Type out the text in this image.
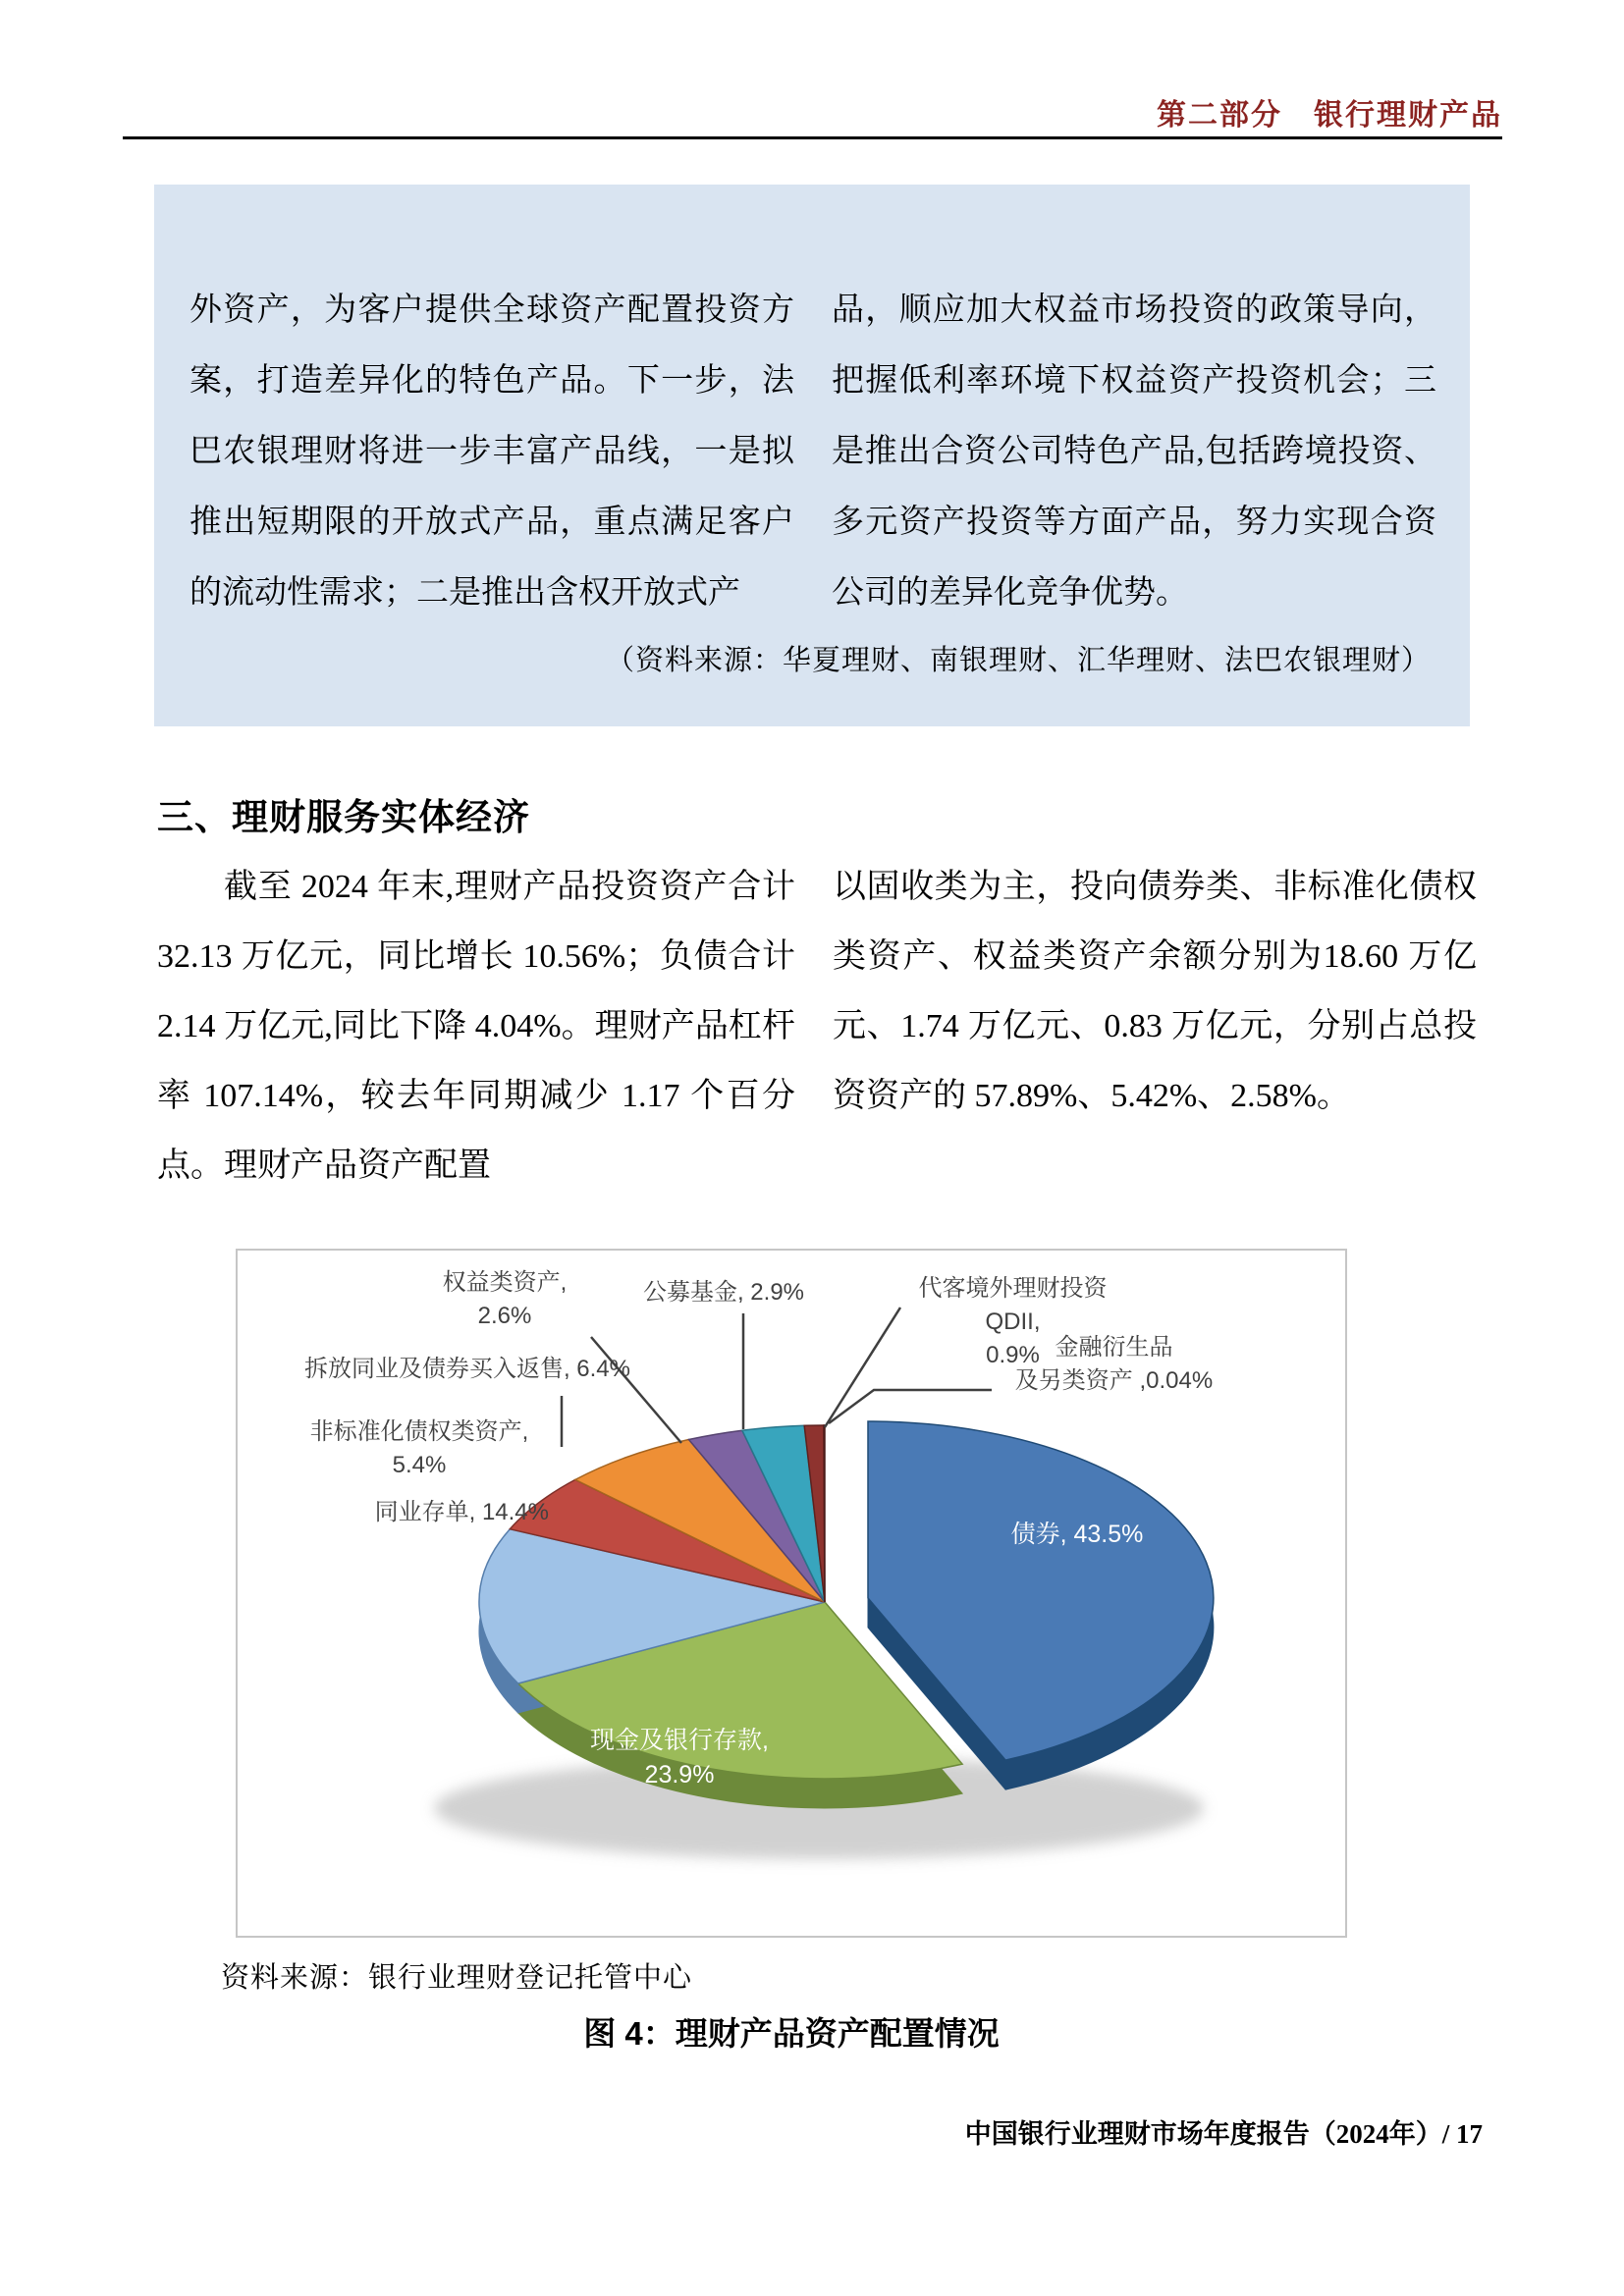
第二部分　银行理财产品
外资产，为客户提供全球资产配置投资方案，打造差异化的特色产品。下一步，法巴农银理财将进一步丰富产品线，一是拟推出短期限的开放式产品，重点满足客户的流动性需求；二是推出含权开放式产
品，顺应加大权益市场投资的政策导向，把握低利率环境下权益资产投资机会；三是推出合资公司特色产品,包括跨境投资、多元资产投资等方面产品，努力实现合资公司的差异化竞争优势。
（资料来源：华夏理财、南银理财、汇华理财、法巴农银理财）
三、理财服务实体经济

截至 2024 年末,理财产品投资资产合计 32.13 万亿元，同比增长 10.56%；负债合计 2.14 万亿元,同比下降 4.04%。理财产品杠杆率 107.14%，较去年同期减少 1.17 个百分点。理财产品资产配置

以固收类为主，投向债券类、非标准化债权类资产、权益类资产余额分别为18.60 万亿元、1.74 万亿元、0.83 万亿元，分别占总投资资产的 57.89%、5.42%、2.58%。

权益类资产,
2.6%
公募基金, 2.9%	代客境外理财投资QDII,
0.9% 金融衍生品
及另类资产 ,0.04%
拆放同业及债券买入返售, 6.4%
非标准化债权类资产,
5.4%
同业存单, 14.4%
债券, 43.5%
现金及银行存款,
23.9%
资料来源：银行业理财登记托管中心
图 4：理财产品资产配置情况
中国银行业理财市场年度报告（2024年）/ 17
